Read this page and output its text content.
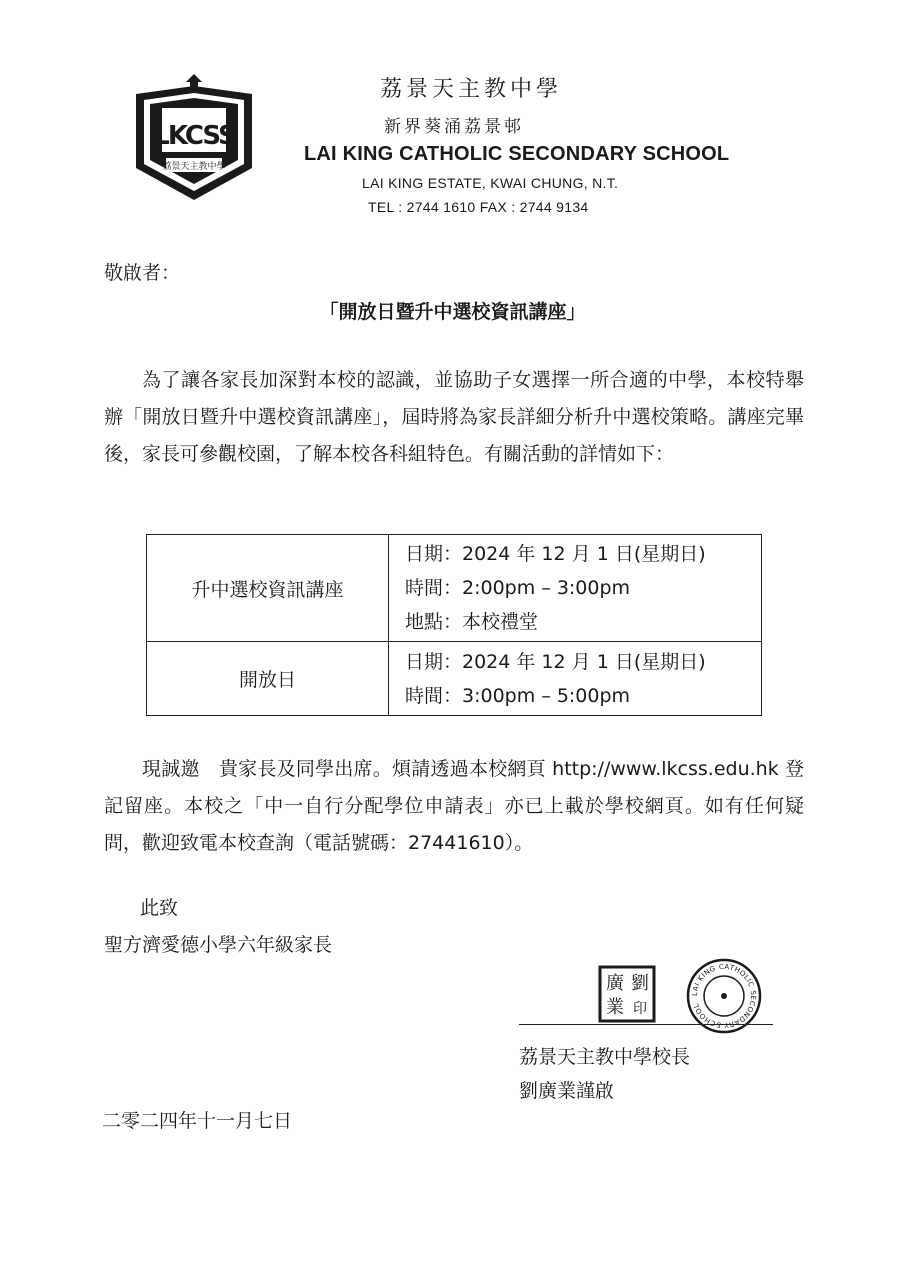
LKCSS
荔景天主教中學
荔景天主教中學
新界葵涌荔景邨
LAI KING CATHOLIC SECONDARY SCHOOL
LAI KING ESTATE, KWAI CHUNG, N.T.
TEL : 2744 1610 FAX : 2744 9134
敬啟者：
「開放日暨升中選校資訊講座」

為了讓各家長加深對本校的認識，並協助子女選擇一所合適的中學，本校特舉辦「開放日暨升中選校資訊講座」，屆時將為家長詳細分析升中選校策略。講座完畢後，家長可參觀校園，了解本校各科組特色。有關活動的詳情如下：

升中選校資訊講座	日期：2024 年 12 月 1 日(星期日)
時間：2:00pm – 3:00pm
地點：本校禮堂

開放日	日期：2024 年 12 月 1 日(星期日)
時間：3:00pm – 5:00pm

現誠邀　貴家長及同學出席。煩請透過本校網頁 http://www.lkcss.edu.hk 登記留座。本校之「中一自行分配學位申請表」亦已上載於學校網頁。如有任何疑問，歡迎致電本校查詢（電話號碼：27441610）。

此致
聖方濟愛德小學六年級家長
劉
廣
業 印
LAI KING CATHOLIC SECONDARY SCHOOL
荔景天主教中學校長
劉廣業謹啟
二零二四年十一月七日
